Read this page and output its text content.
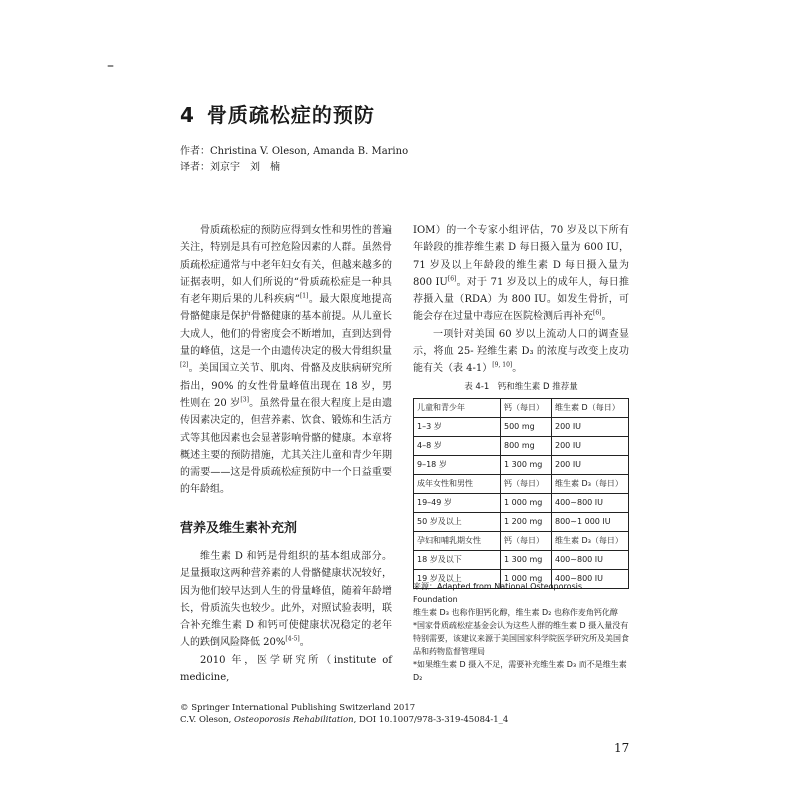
–
4 骨质疏松症的预防
作者：Christina V. Oleson, Amanda B. Marino
译者：刘京宇　刘　楠

骨质疏松症的预防应得到女性和男性的普遍关注，特别是具有可控危险因素的人群。虽然骨质疏松症通常与中老年妇女有关，但越来越多的证据表明，如人们所说的“骨质疏松症是一种具有老年期后果的儿科疾病”[1]。最大限度地提高骨骼健康是保护骨骼健康的基本前提。从儿童长大成人，他们的骨密度会不断增加，直到达到骨量的峰值，这是一个由遗传决定的极大骨组织量[2]。美国国立关节、肌肉、骨骼及皮肤病研究所指出，90% 的女性骨量峰值出现在 18 岁，男性则在 20 岁[3]。虽然骨量在很大程度上是由遗传因素决定的，但营养素、饮食、锻炼和生活方式等其他因素也会显著影响骨骼的健康。本章将概述主要的预防措施，尤其关注儿童和青少年期的需要——这是骨质疏松症预防中一个日益重要的年龄组。

营养及维生素补充剂

维生素 D 和钙是骨组织的基本组成部分。足量摄取这两种营养素的人骨骼健康状况较好，因为他们较早达到人生的骨量峰值，随着年龄增长，骨质流失也较少。此外，对照试验表明，联合补充维生素 D 和钙可使健康状况稳定的老年人的跌倒风险降低 20%[4-5]。

2010 年，医学研究所（institute of medicine,

IOM）的一个专家小组评估，70 岁及以下所有年龄段的推荐维生素 D 每日摄入量为 600 IU，71 岁及以上年龄段的维生素 D 每日摄入量为 800 IU[6]。对于 71 岁及以上的成年人，每日推荐摄入量（RDA）为 800 IU。如发生骨折，可能会存在过量中毒应在医院检测后再补充[6]。

一项针对美国 60 岁以上流动人口的调查显示，将血 25- 羟维生素 D₃ 的浓度与改变上皮功能有关（表 4-1）[9, 10]。

表 4-1　钙和维生素 D 推荐量
儿童和青少年	钙（每日）	维生素 D（每日）
1–3 岁	500 mg	200 IU
4–8 岁	800 mg	200 IU
9–18 岁	1 300 mg	200 IU
成年女性和男性	钙（每日）	维生素 D₃（每日）
19–49 岁	1 000 mg	400~800 IU
50 岁及以上	1 200 mg	800~1 000 IU
孕妇和哺乳期女性	钙（每日）	维生素 D₃（每日）
18 岁及以下	1 300 mg	400~800 IU
19 岁及以上	1 000 mg	400~800 IU

来源：Adapted from National Osteoporosis Foundation

维生素 D₃ 也称作胆钙化醇，维生素 D₂ 也称作麦角钙化醇

*国家骨质疏松症基金会认为这些人群的维生素 D 摄入量没有特别需要，该建议来源于美国国家科学院医学研究所及美国食品和药物监督管理局

*如果维生素 D 摄入不足，需要补充维生素 D₃ 而不是维生素 D₂

© Springer International Publishing Switzerland 2017

C.V. Oleson, Osteoporosis Rehabilitation, DOI 10.1007/978-3-319-45084-1_4

17
